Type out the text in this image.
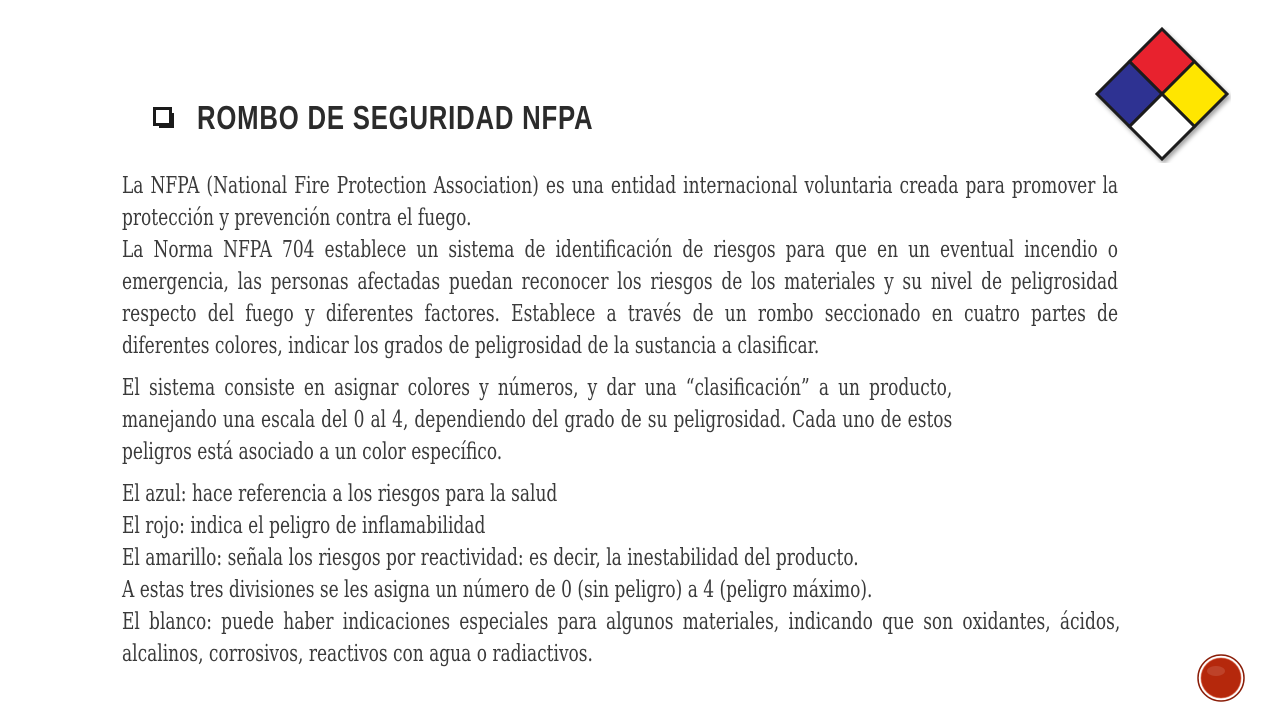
ROMBO DE SEGURIDAD NFPA
La NFPA (National Fire Protection Association) es una entidad internacional voluntaria creada para promover la protección y prevención contra el fuego.
La Norma NFPA 704 establece un sistema de identificación de riesgos para que en un eventual incendio o emergencia, las personas afectadas puedan reconocer los riesgos de los materiales y su nivel de peligrosidad respecto del fuego y diferentes factores. Establece a través de un rombo seccionado en cuatro partes de diferentes colores, indicar los grados de peligrosidad de la sustancia a clasificar.
El sistema consiste en asignar colores y números, y dar una “clasificación” a un producto, manejando una escala del 0 al 4, dependiendo del grado de su peligrosidad. Cada uno de estos peligros está asociado a un color específico.
El azul: hace referencia a los riesgos para la salud
El rojo: indica el peligro de inflamabilidad
El amarillo: señala los riesgos por reactividad: es decir, la inestabilidad del producto.
A estas tres divisiones se les asigna un número de 0 (sin peligro) a 4 (peligro máximo).
El blanco: puede haber indicaciones especiales para algunos materiales, indicando que son oxidantes, ácidos, alcalinos, corrosivos, reactivos con agua o radiactivos.
